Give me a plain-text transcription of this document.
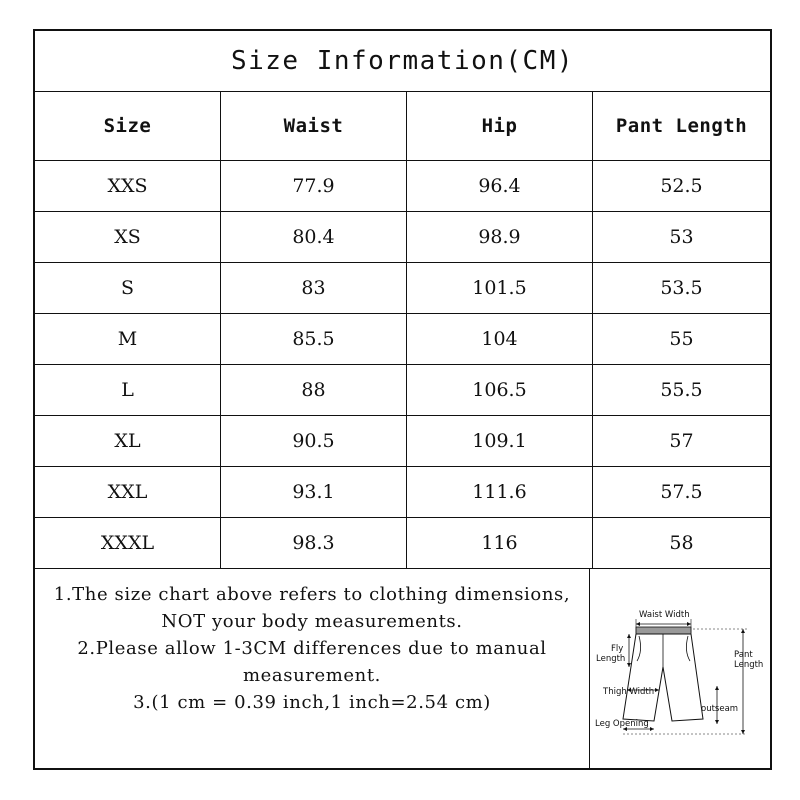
Size Information(CM)
Size	Waist	Hip	Pant Length
XXS	77.9	96.4	52.5
XS	80.4	98.9	53
S	83	101.5	53.5
M	85.5	104	55
L	88	106.5	55.5
XL	90.5	109.1	57
XXL	93.1	111.6	57.5
XXXL	98.3	116	58
1.The size chart above refers to clothing dimensions, NOT your body measurements.
2.Please allow 1-3CM differences due to manual measurement.
3.(1 cm = 0.39 inch,1 inch=2.54 cm)
Waist Width
Fly
Length	Pant
Length
Thigh Width
outseam
Leg Opening
